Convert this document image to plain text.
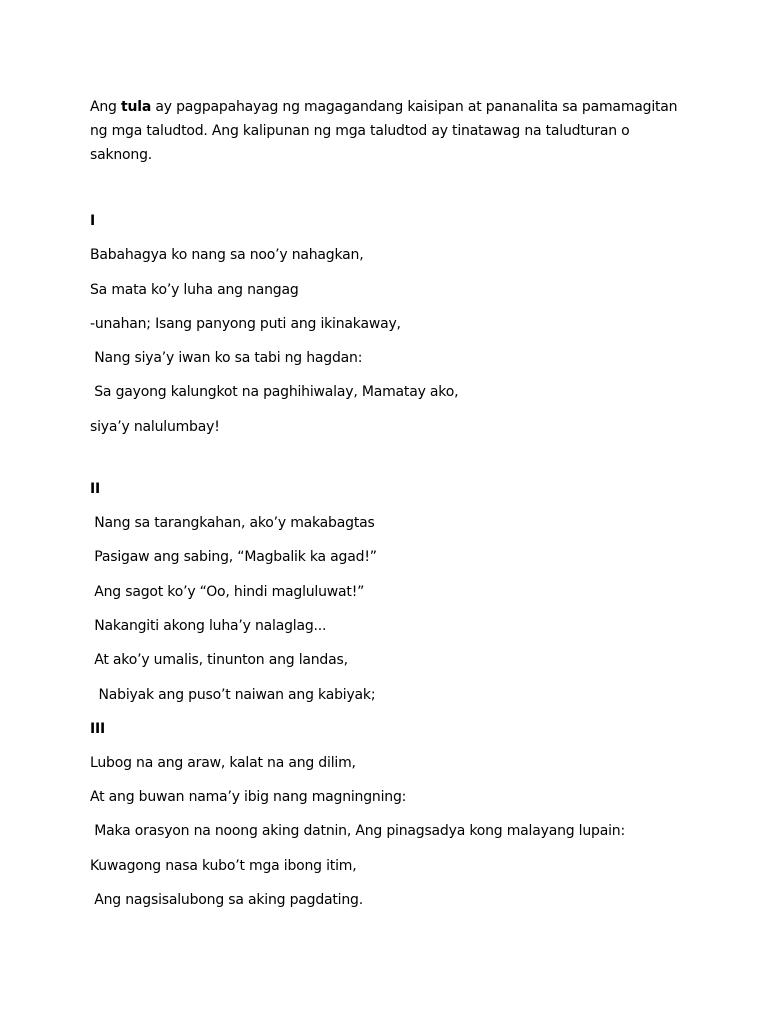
Ang tula ay pagpapahayag ng magagandang kaisipan at pananalita sa pamamagitan ng mga taludtod. Ang kalipunan ng mga taludtod ay tinatawag na taludturan o saknong.

I
Babahagya ko nang sa noo’y nahagkan,
Sa mata ko’y luha ang nangag
-unahan; Isang panyong puti ang ikinakaway,
Nang siya’y iwan ko sa tabi ng hagdan:
Sa gayong kalungkot na paghihiwalay, Mamatay ako,
siya’y nalulumbay!
II
Nang sa tarangkahan, ako’y makabagtas
Pasigaw ang sabing, “Magbalik ka agad!”
Ang sagot ko’y “Oo, hindi magluluwat!”
Nakangiti akong luha’y nalaglag...
At ako’y umalis, tinunton ang landas,
Nabiyak ang puso’t naiwan ang kabiyak;
III
Lubog na ang araw, kalat na ang dilim,
At ang buwan nama’y ibig nang magningning:
Maka orasyon na noong aking datnin, Ang pinagsadya kong malayang lupain:
Kuwagong nasa kubo’t mga ibong itim,
Ang nagsisalubong sa aking pagdating.
